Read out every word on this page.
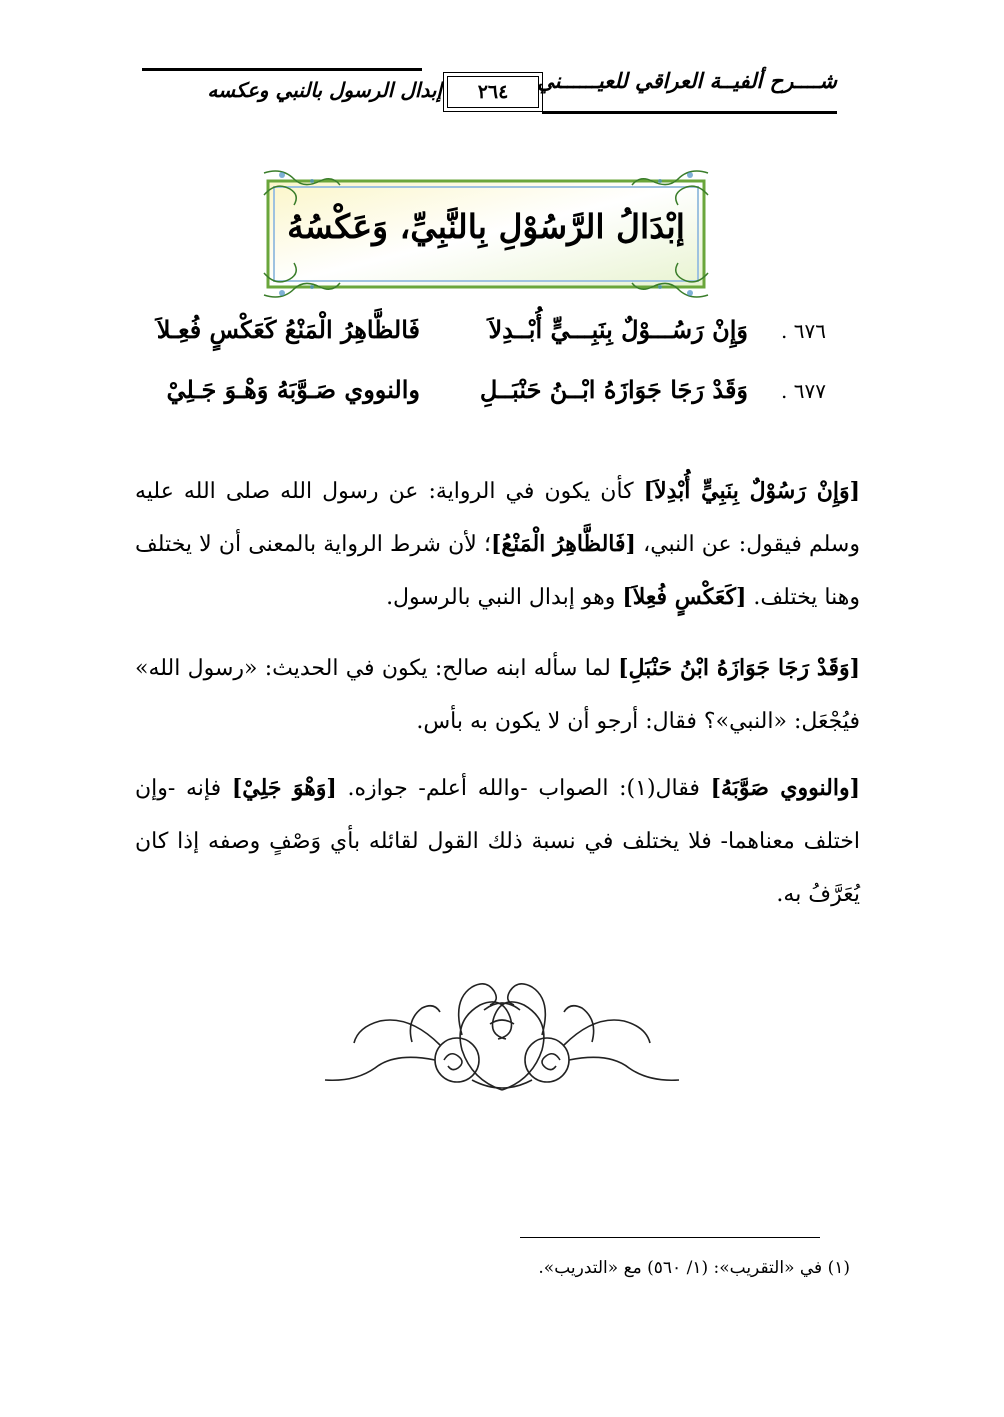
إبدال الرسول بالنبي وعكسه	٢٦٤	شــــرح ألفيــة العراقي للعيــــــني
إبْدَالُ الرَّسُوْلِ بِالنَّبِيِّ، وَعَكْسُهُ
٦٧٦ .
وَإِنْ رَسُـــوْلٌ بِنَبِـــيٍّ أُبْــدِلاَ
فَالظَّاهِرُ الْمَنْعُ كَعَكْسٍ فُعِـلاَ
٦٧٧ .
وَقَدْ رَجَا جَوَازَهُ ابْــنُ حَنْبَــلِ
والنووي صَـوَّبَهُ وَهْـوَ جَـلِيْ

[وَإِنْ رَسُوْلٌ بِنَبِيٍّ أُبْدِلاَ] كأن يكون في الرواية: عن رسول الله صلى الله عليه وسلم فيقول: عن النبي، [فَالظَّاهِرُ الْمَنْعُ]؛ لأن شرط الرواية بالمعنى أن لا يختلف وهنا يختلف. [كَعَكْسٍ فُعِلاَ] وهو إبدال النبي بالرسول.

[وَقَدْ رَجَا جَوَازَهُ ابْنُ حَنْبَلِ] لما سأله ابنه صالح: يكون في الحديث: «رسول الله» فيُجْعَل: «النبي»؟ فقال: أرجو أن لا يكون به بأس.

[والنووي صَوَّبَهُ] فقال(١): الصواب -والله أعلم- جوازه. [وَهْوَ جَلِيْ] فإنه -وإن اختلف معناهما- فلا يختلف في نسبة ذلك القول لقائله بأي وَصْفٍ وصفه إذا كان يُعَرَّفُ به.

(١) في «التقريب»: (١/ ٥٦٠) مع «التدريب».
